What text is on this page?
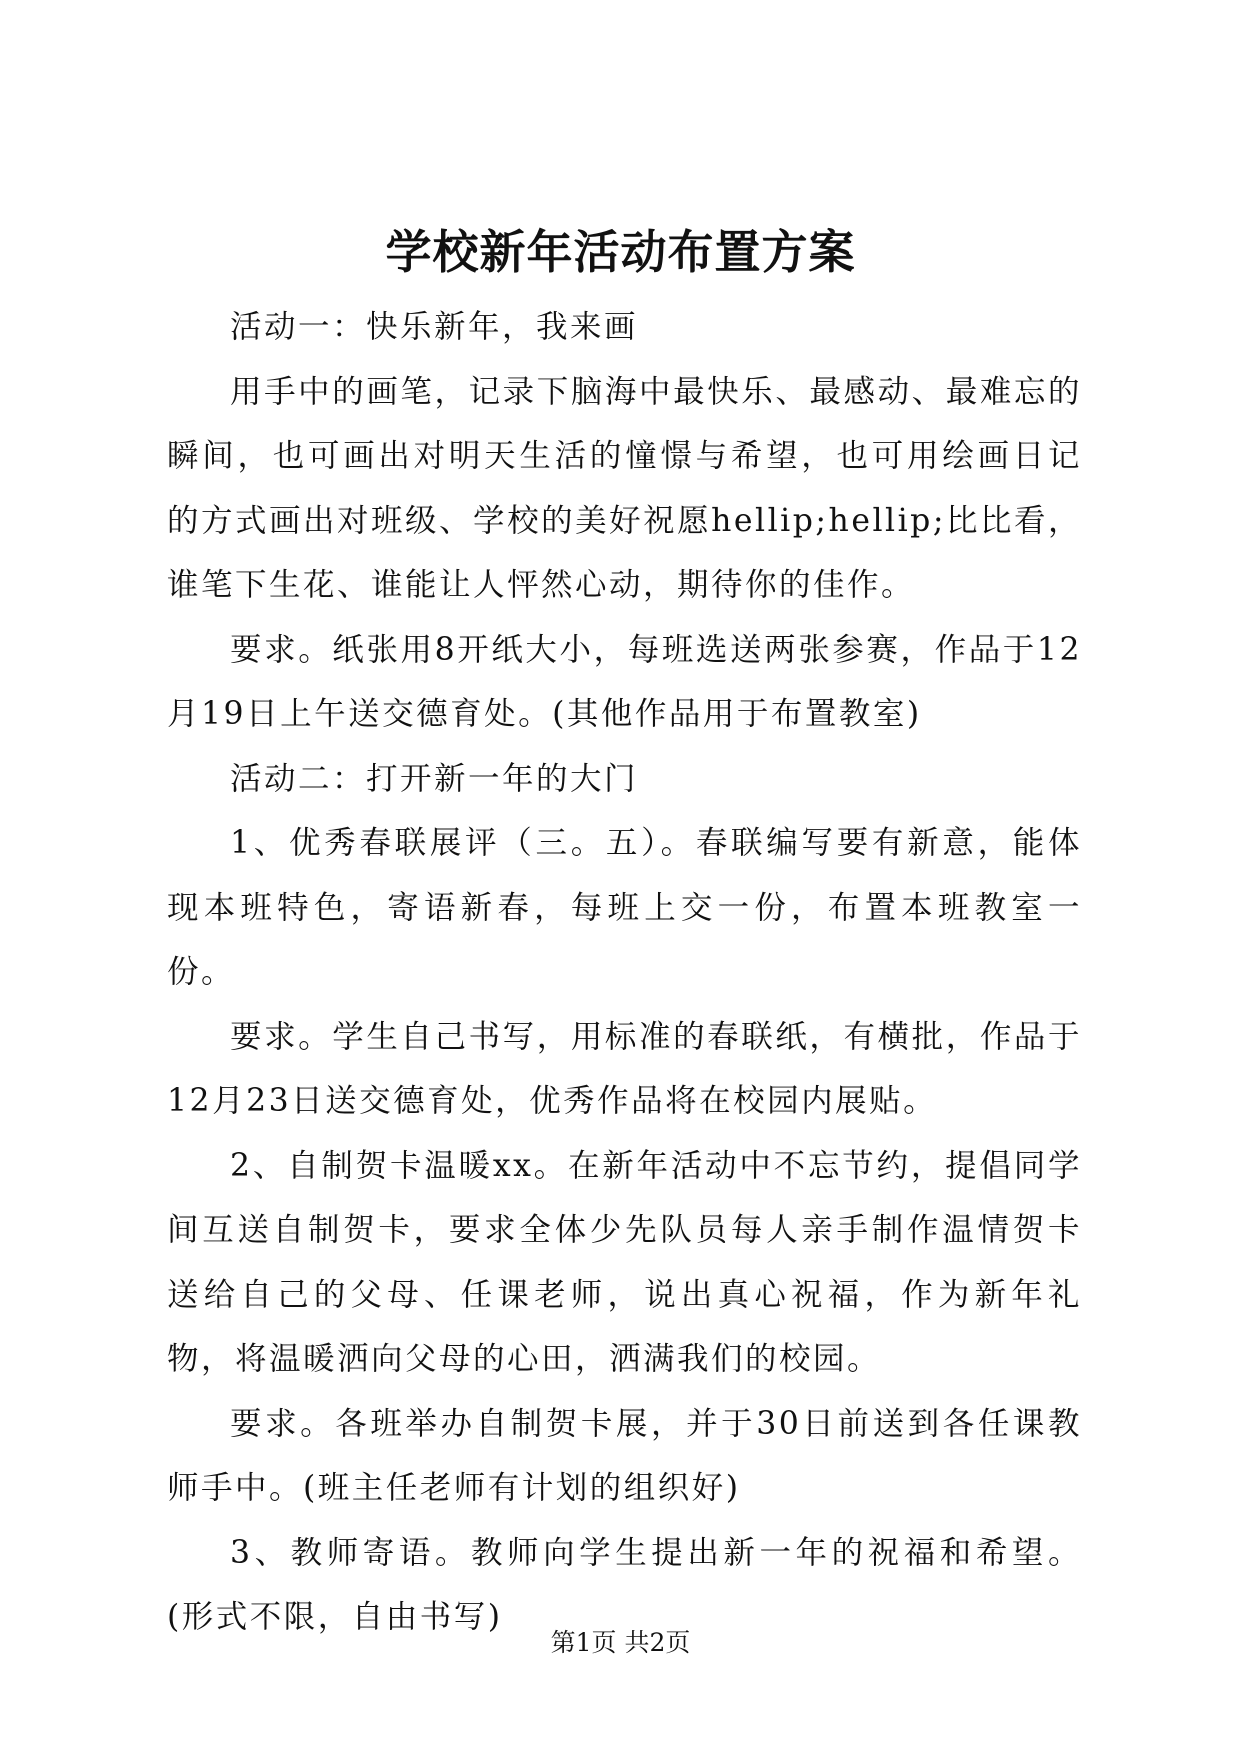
学校新年活动布置方案

活动一：快乐新年，我来画

用手中的画笔，记录下脑海中最快乐、最感动、最难忘的瞬间，也可画出对明天生活的憧憬与希望，也可用绘画日记的方式画出对班级、学校的美好祝愿hellip;hellip;比比看，谁笔下生花、谁能让人怦然心动，期待你的佳作。

要求。纸张用8开纸大小，每班选送两张参赛，作品于12月19日上午送交德育处。(其他作品用于布置教室)

活动二：打开新一年的大门

1、优秀春联展评（三。五）。春联编写要有新意，能体现本班特色，寄语新春，每班上交一份，布置本班教室一份。

要求。学生自己书写，用标准的春联纸，有横批，作品于12月23日送交德育处，优秀作品将在校园内展贴。

2、自制贺卡温暖xx。在新年活动中不忘节约，提倡同学间互送自制贺卡，要求全体少先队员每人亲手制作温情贺卡送给自己的父母、任课老师，说出真心祝福，作为新年礼物，将温暖洒向父母的心田，洒满我们的校园。

要求。各班举办自制贺卡展，并于30日前送到各任课教师手中。(班主任老师有计划的组织好)

3、教师寄语。教师向学生提出新一年的祝福和希望。(形式不限，自由书写)

第1页 共2页
